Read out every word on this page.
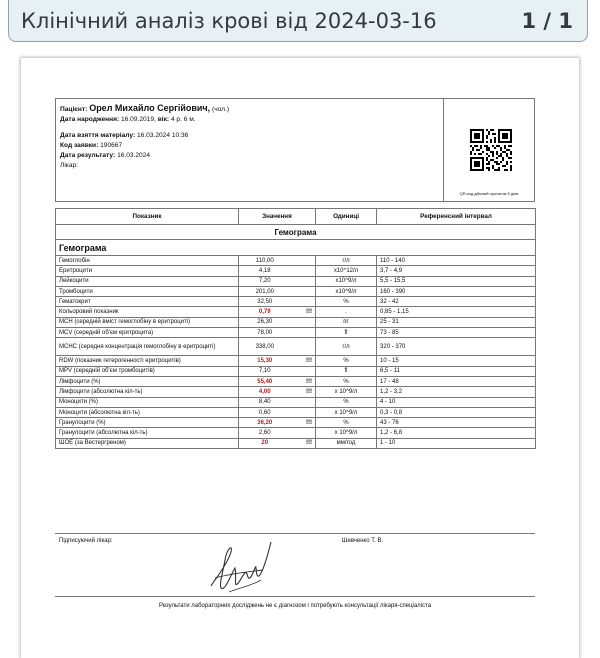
Клінічний аналіз крові від 2024-03-16	1 / 1
Пацієнт: Орел Михайло Сергійович, (чол.)
Дата народження: 16.09.2019, вік: 4 р. 6 м.
Дата взяття матеріалу: 16.03.2024 10:36
Код заявки: 190667
Дата результату: 16.03.2024
Лікар:
QR-код дійсний протягом 5 днів
Показник	Значення		Одиниці	Референсний інтервал
Гемограма				
Гемограма				
Гемоглобін	110,00		г/л	110 - 140
Еритроцити	4,18		x10^12/л	3,7 - 4,9
Лейкоцити	7,20		x10^9/л	5,5 - 15,5
Тромбоцити	201,00		x10^9/л	160 - 390
Гематокрит	32,50		%	32 - 42
Кольоровий показник	0,79	!!!	.	0,85 - 1,15
MCH (середній вміст гемоглобіну в еритроциті)	26,30		пг	25 - 31
MCV (середній об'єм еритроцита)	78,00		fl	73 - 85
MCHC (середня концентрація гемоглобіну в еритроциті)	338,00		г/л	320 - 370
RDW (показник гетерогенності еритроцитів)	15,30	!!!	%	10 - 15
MPV (середній об'єм тромбоцитів)	7,10		fl	6,5 - 11
Лімфоцити (%)	55,40	!!!	%	17 - 48
Лімфоцити (абсолютна кіл-ть)	4,00	!!!	x 10^9/л	1,2 - 3,2
Моноцити (%)	8,40		%	4 - 10
Моноцити (абсолютна кіл-ть)	0,60		x 10^9/л	0,3 - 0,8
Гранулоцити (%)	36,20	!!!	%	43 - 76
Гранулоцити (абсолютна кіл-ть)	2,60		x 10^9/л	1,2 - 6,8
ШОЕ (за Вестергреном)	20	!!!	мм/год	1 - 10
Підписуючий лікар:	Шевченко Т. В.
Результати лабораторних досліджень не є діагнозом і потребують консультації лікаря-спеціаліста
